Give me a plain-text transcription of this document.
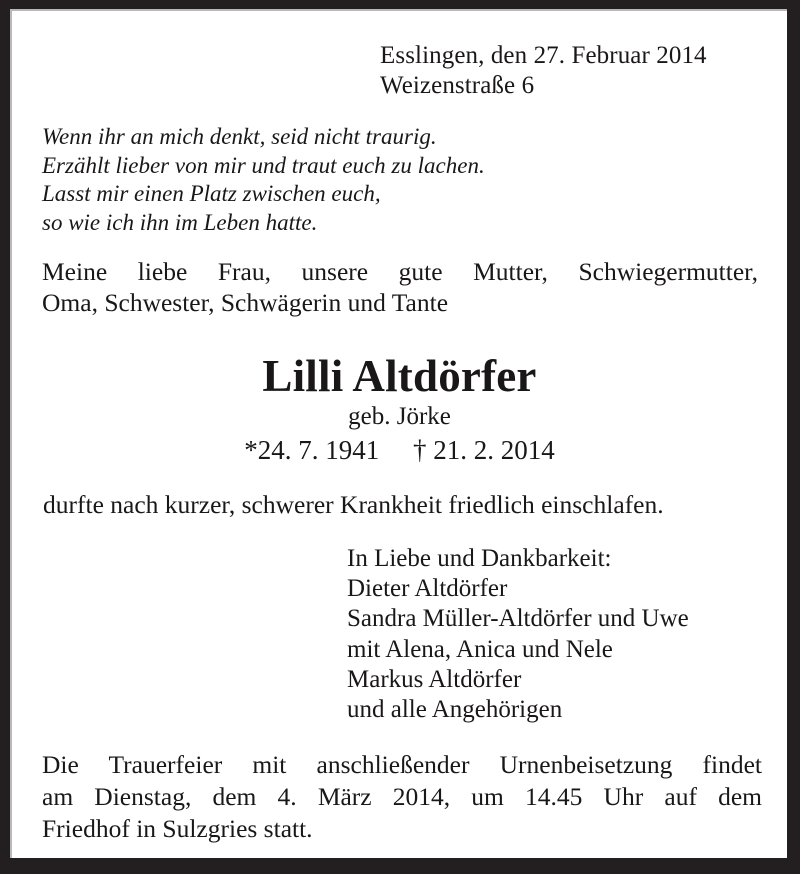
Esslingen, den 27. Februar 2014
Weizenstraße 6
Wenn ihr an mich denkt, seid nicht traurig.
Erzählt lieber von mir und traut euch zu lachen.
Lasst mir einen Platz zwischen euch,
so wie ich ihn im Leben hatte.
Meine liebe Frau, unsere gute Mutter, Schwiegermutter,
Oma, Schwester, Schwägerin und Tante
Lilli Altdörfer
geb. Jörke
*24. 7. 1941     † 21. 2. 2014
durfte nach kurzer, schwerer Krankheit friedlich einschlafen.
In Liebe und Dankbarkeit:
Dieter Altdörfer
Sandra Müller-Altdörfer und Uwe
mit Alena, Anica und Nele
Markus Altdörfer
und alle Angehörigen
Die Trauerfeier mit anschließender Urnenbeisetzung findet
am Dienstag, dem 4. März 2014, um 14.45 Uhr auf dem
Friedhof in Sulzgries statt.
